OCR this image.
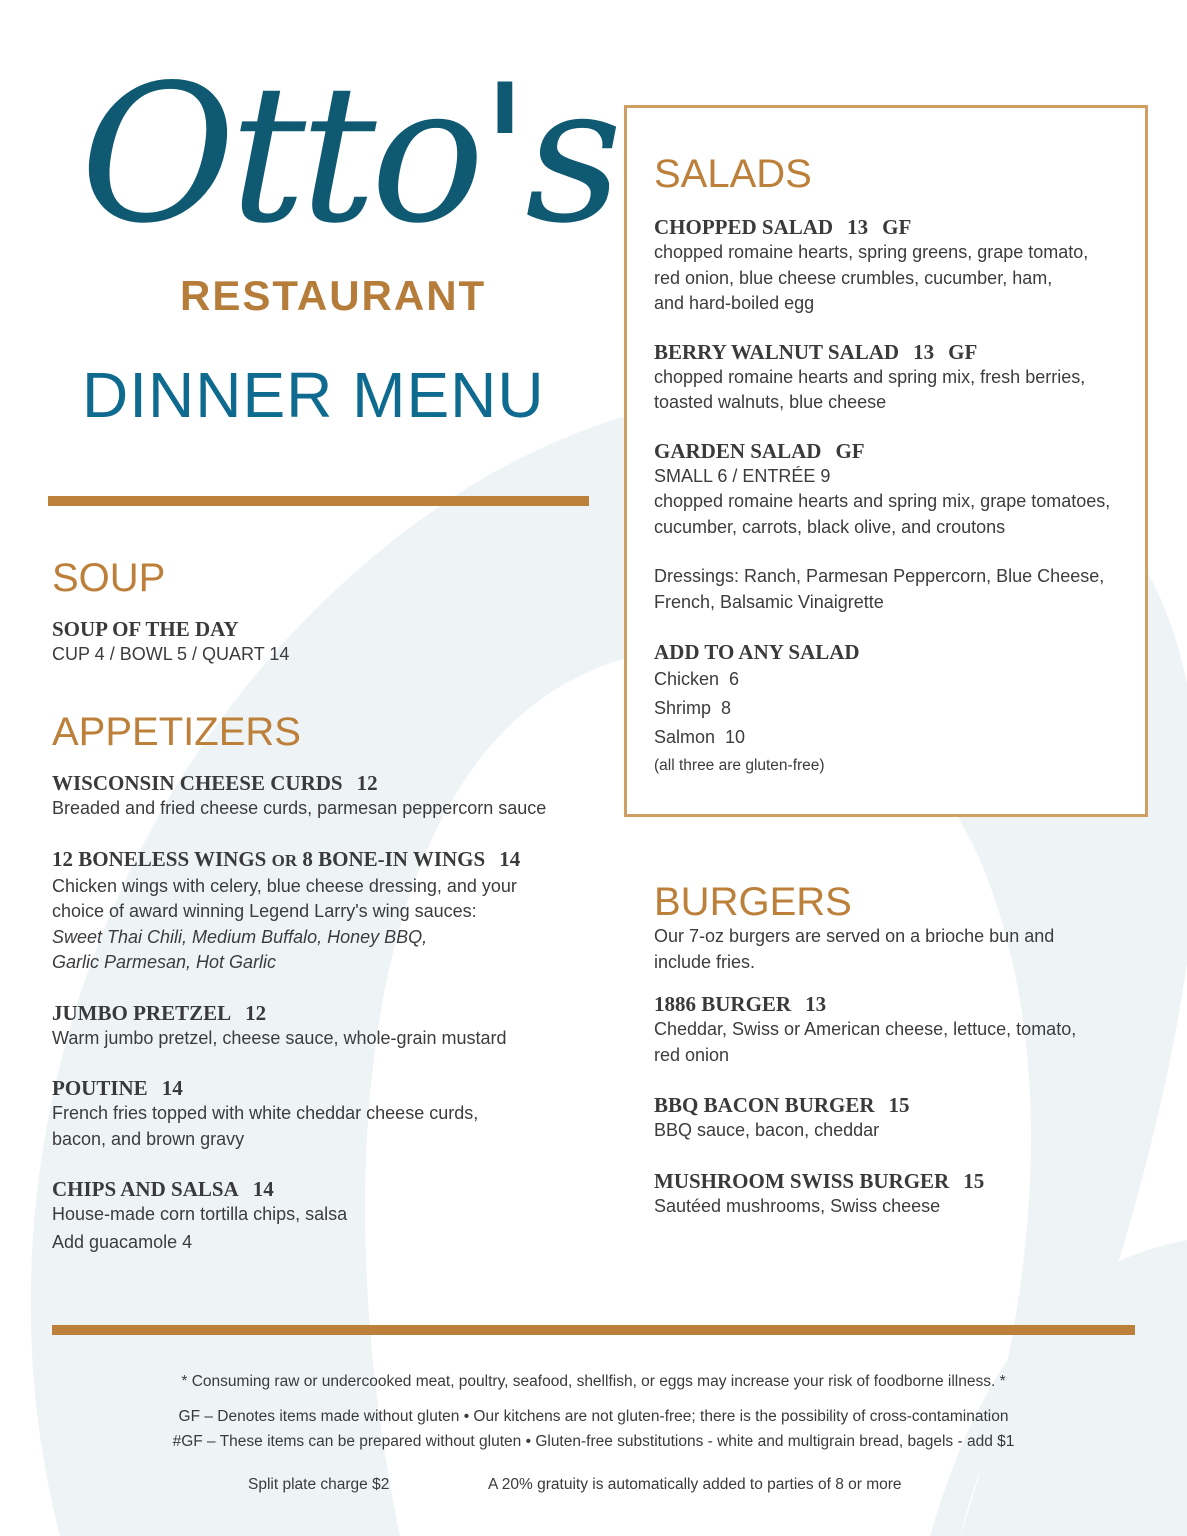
Otto's
RESTAURANT
DINNER MENU
SOUP
SOUP OF THE DAY
CUP 4 / BOWL 5 / QUART 14
APPETIZERS
WISCONSIN CHEESE CURDS 12
Breaded and fried cheese curds, parmesan peppercorn sauce
12 BONELESS WINGS OR 8 BONE-IN WINGS 14
Chicken wings with celery, blue cheese dressing, and your
choice of award winning Legend Larry's wing sauces:
Sweet Thai Chili, Medium Buffalo, Honey BBQ,
Garlic Parmesan, Hot Garlic
JUMBO PRETZEL 12
Warm jumbo pretzel, cheese sauce, whole-grain mustard
POUTINE 14
French fries topped with white cheddar cheese curds,
bacon, and brown gravy
CHIPS AND SALSA 14
House-made corn tortilla chips, salsa
Add guacamole 4
SALADS
CHOPPED SALAD 13 GF
chopped romaine hearts, spring greens, grape tomato,
red onion, blue cheese crumbles, cucumber, ham,
and hard-boiled egg
BERRY WALNUT SALAD 13 GF
chopped romaine hearts and spring mix, fresh berries,
toasted walnuts, blue cheese
GARDEN SALAD GF
SMALL 6 / ENTRÉE 9
chopped romaine hearts and spring mix, grape tomatoes,
cucumber, carrots, black olive, and croutons
Dressings: Ranch, Parmesan Peppercorn, Blue Cheese,
French, Balsamic Vinaigrette
ADD TO ANY SALAD
Chicken 6
Shrimp 8
Salmon 10
(all three are gluten-free)
BURGERS
Our 7-oz burgers are served on a brioche bun and
include fries.
1886 BURGER 13
Cheddar, Swiss or American cheese, lettuce, tomato,
red onion
BBQ BACON BURGER 15
BBQ sauce, bacon, cheddar
MUSHROOM SWISS BURGER 15
Sautéed mushrooms, Swiss cheese
* Consuming raw or undercooked meat, poultry, seafood, shellfish, or eggs may increase your risk of foodborne illness. *
GF – Denotes items made without gluten • Our kitchens are not gluten-free; there is the possibility of cross-contamination
#GF – These items can be prepared without gluten • Gluten-free substitutions - white and multigrain bread, bagels - add $1
Split plate charge $2	A 20% gratuity is automatically added to parties of 8 or more
